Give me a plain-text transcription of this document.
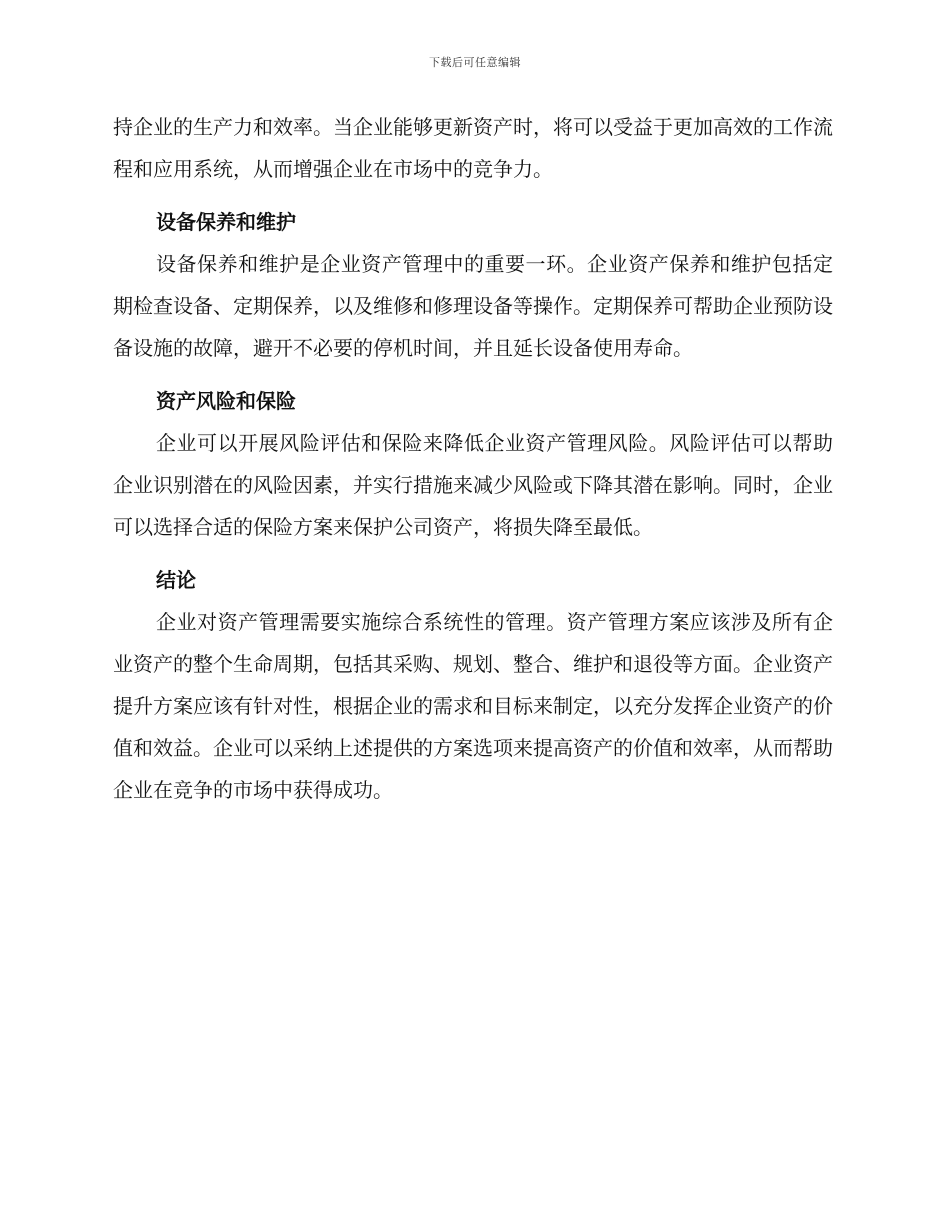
下载后可任意编辑

持企业的生产力和效率。当企业能够更新资产时，将可以受益于更加高效的工作流程和应用系统，从而增强企业在市场中的竞争力。

设备保养和维护

设备保养和维护是企业资产管理中的重要一环。企业资产保养和维护包括定期检查设备、定期保养，以及维修和修理设备等操作。定期保养可帮助企业预防设备设施的故障，避开不必要的停机时间，并且延长设备使用寿命。

资产风险和保险

企业可以开展风险评估和保险来降低企业资产管理风险。风险评估可以帮助企业识别潜在的风险因素，并实行措施来减少风险或下降其潜在影响。同时，企业可以选择合适的保险方案来保护公司资产，将损失降至最低。

结论

企业对资产管理需要实施综合系统性的管理。资产管理方案应该涉及所有企业资产的整个生命周期，包括其采购、规划、整合、维护和退役等方面。企业资产提升方案应该有针对性，根据企业的需求和目标来制定，以充分发挥企业资产的价值和效益。企业可以采纳上述提供的方案选项来提高资产的价值和效率，从而帮助企业在竞争的市场中获得成功。
